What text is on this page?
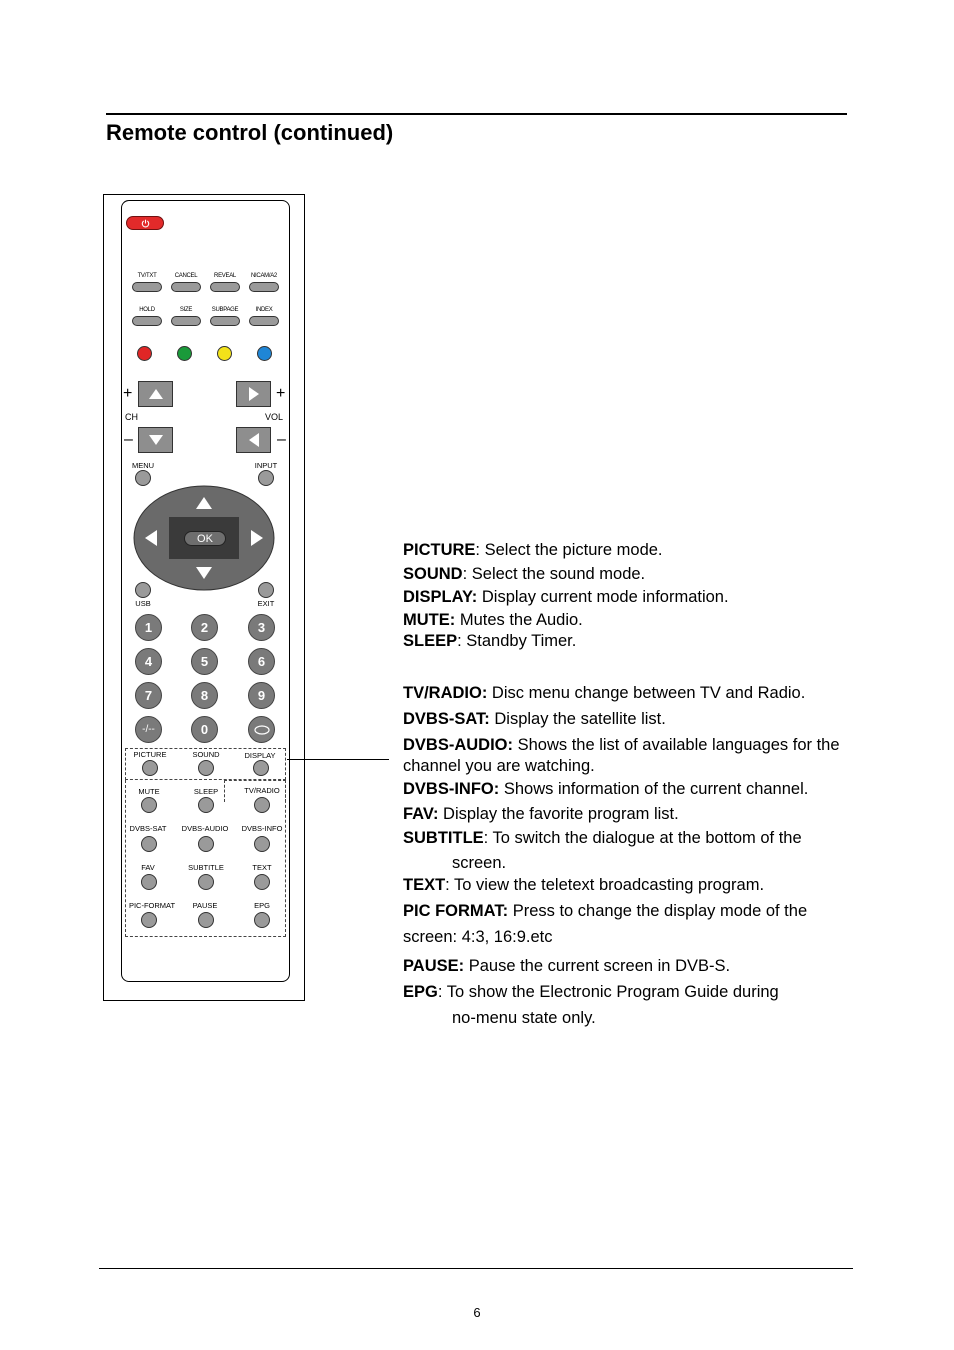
Remote control (continued)
TV/TXT	CANCEL	REVEAL	NICAM/A2
HOLD	SIZE	SUBPAGE	INDEX
+	+
CH	VOL
–	–
MENU	INPUT
OK
USB	EXIT
1	2	3
4	5	6
7	8	9
-/--	0
PICTURE	SOUND	DISPLAY
MUTE	SLEEP	TV/RADIO
DVBS-SAT DVBS-AUDIO DVBS-INFO
FAV	SUBTITLE	TEXT
PIC-FORMAT PAUSE	EPG
PICTURE: Select the picture mode.
SOUND: Select the sound mode.
DISPLAY: Display current mode information.
MUTE: Mutes the Audio.
SLEEP: Standby Timer.
TV/RADIO: Disc menu change between TV and Radio.
DVBS-SAT: Display the satellite list.
DVBS-AUDIO: Shows the list of available languages for the
channel you are watching.
DVBS-INFO: Shows information of the current channel.
FAV: Display the favorite program list.
SUBTITLE: To switch the dialogue at the bottom of the
screen.
TEXT: To view the teletext broadcasting program.
PIC FORMAT: Press to change the display mode of the
screen: 4:3, 16:9.etc
PAUSE: Pause the current screen in DVB-S.
EPG: To show the Electronic Program Guide during
no-menu state only.
6
